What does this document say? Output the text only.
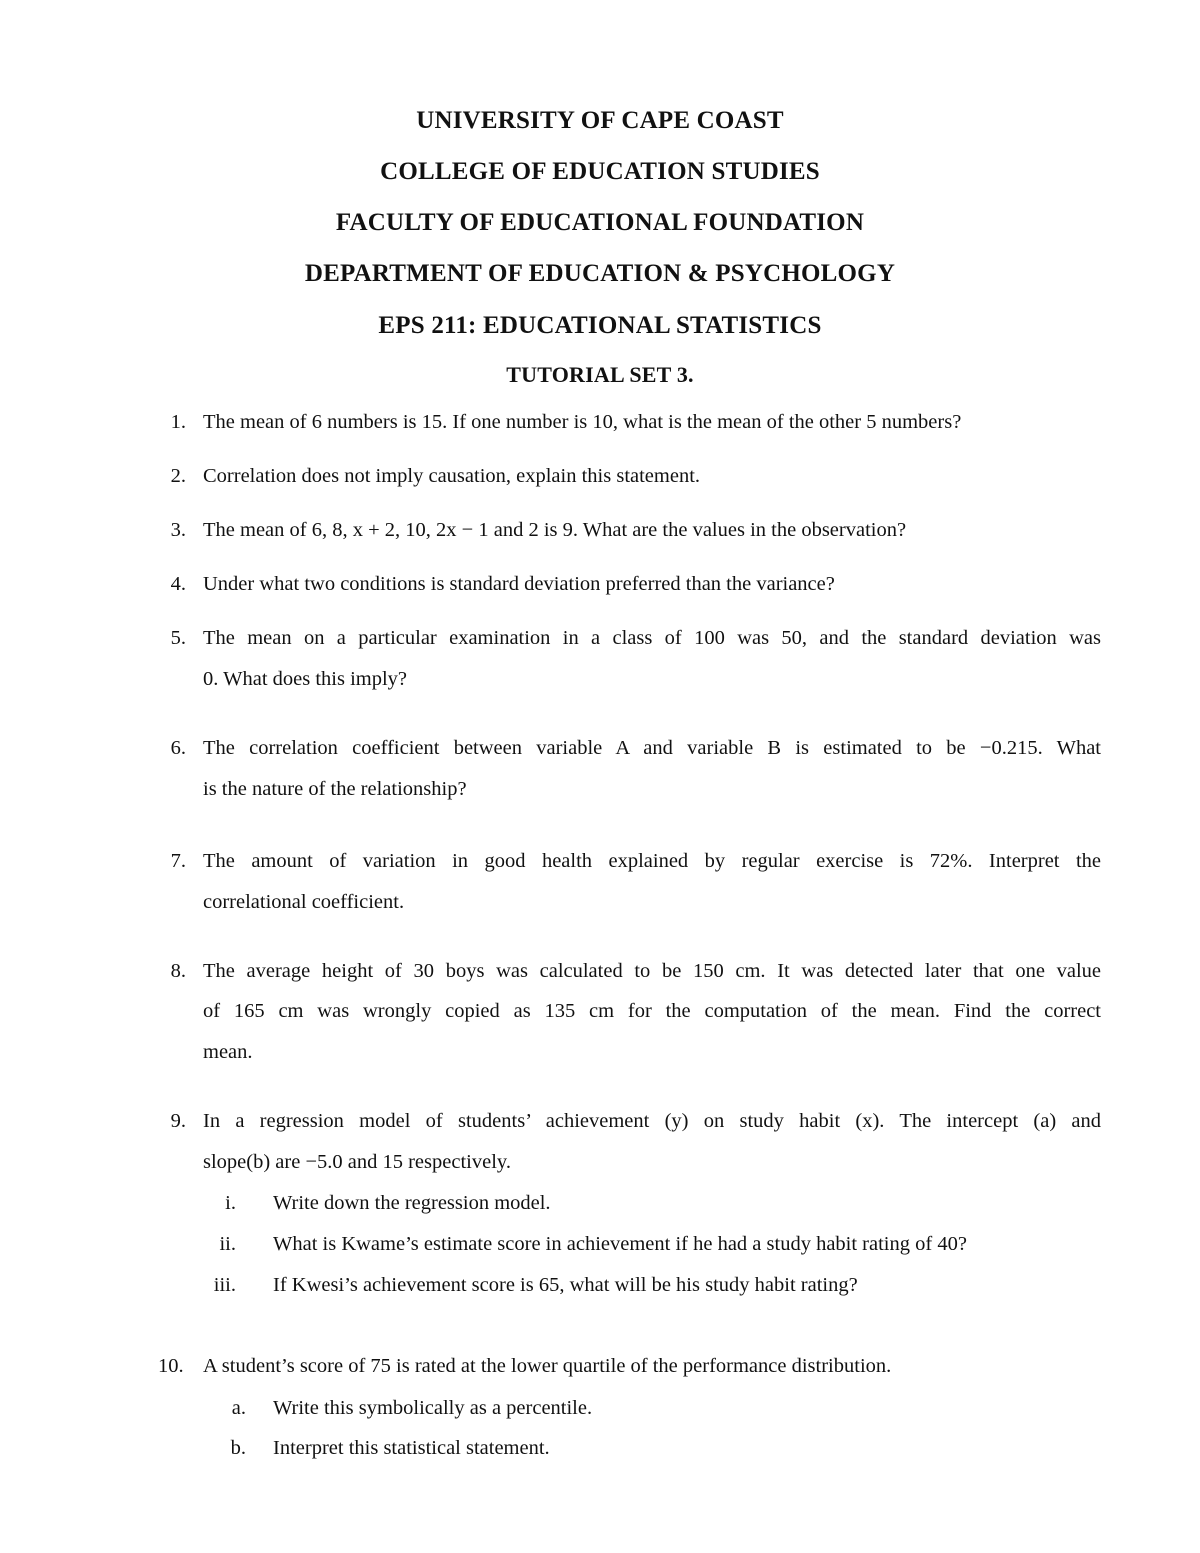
UNIVERSITY OF CAPE COAST
COLLEGE OF EDUCATION STUDIES
FACULTY OF EDUCATIONAL FOUNDATION
DEPARTMENT OF EDUCATION & PSYCHOLOGY
EPS 211: EDUCATIONAL STATISTICS
TUTORIAL SET 3.
1. The mean of 6 numbers is 15. If one number is 10, what is the mean of the other 5 numbers?
2. Correlation does not imply causation, explain this statement.
3. The mean of 6, 8, x + 2, 10, 2x − 1 and 2 is 9. What are the values in the observation?
4. Under what two conditions is standard deviation preferred than the variance?
5. The mean on a particular examination in a class of 100 was 50, and the standard deviation was
0. What does this imply?
6. The correlation coefficient between variable A and variable B is estimated to be −0.215. What
is the nature of the relationship?
7. The amount of variation in good health explained by regular exercise is 72%. Interpret the
correlational coefficient.
8. The average height of 30 boys was calculated to be 150 cm. It was detected later that one value
of 165 cm was wrongly copied as 135 cm for the computation of the mean. Find the correct
mean.
9. In a regression model of students’ achievement (y) on study habit (x). The intercept (a) and
slope(b) are −5.0 and 15 respectively.
i. Write down the regression model.
ii. What is Kwame’s estimate score in achievement if he had a study habit rating of 40?
iii. If Kwesi’s achievement score is 65, what will be his study habit rating?
10. A student’s score of 75 is rated at the lower quartile of the performance distribution.
a. Write this symbolically as a percentile.
b. Interpret this statistical statement.
